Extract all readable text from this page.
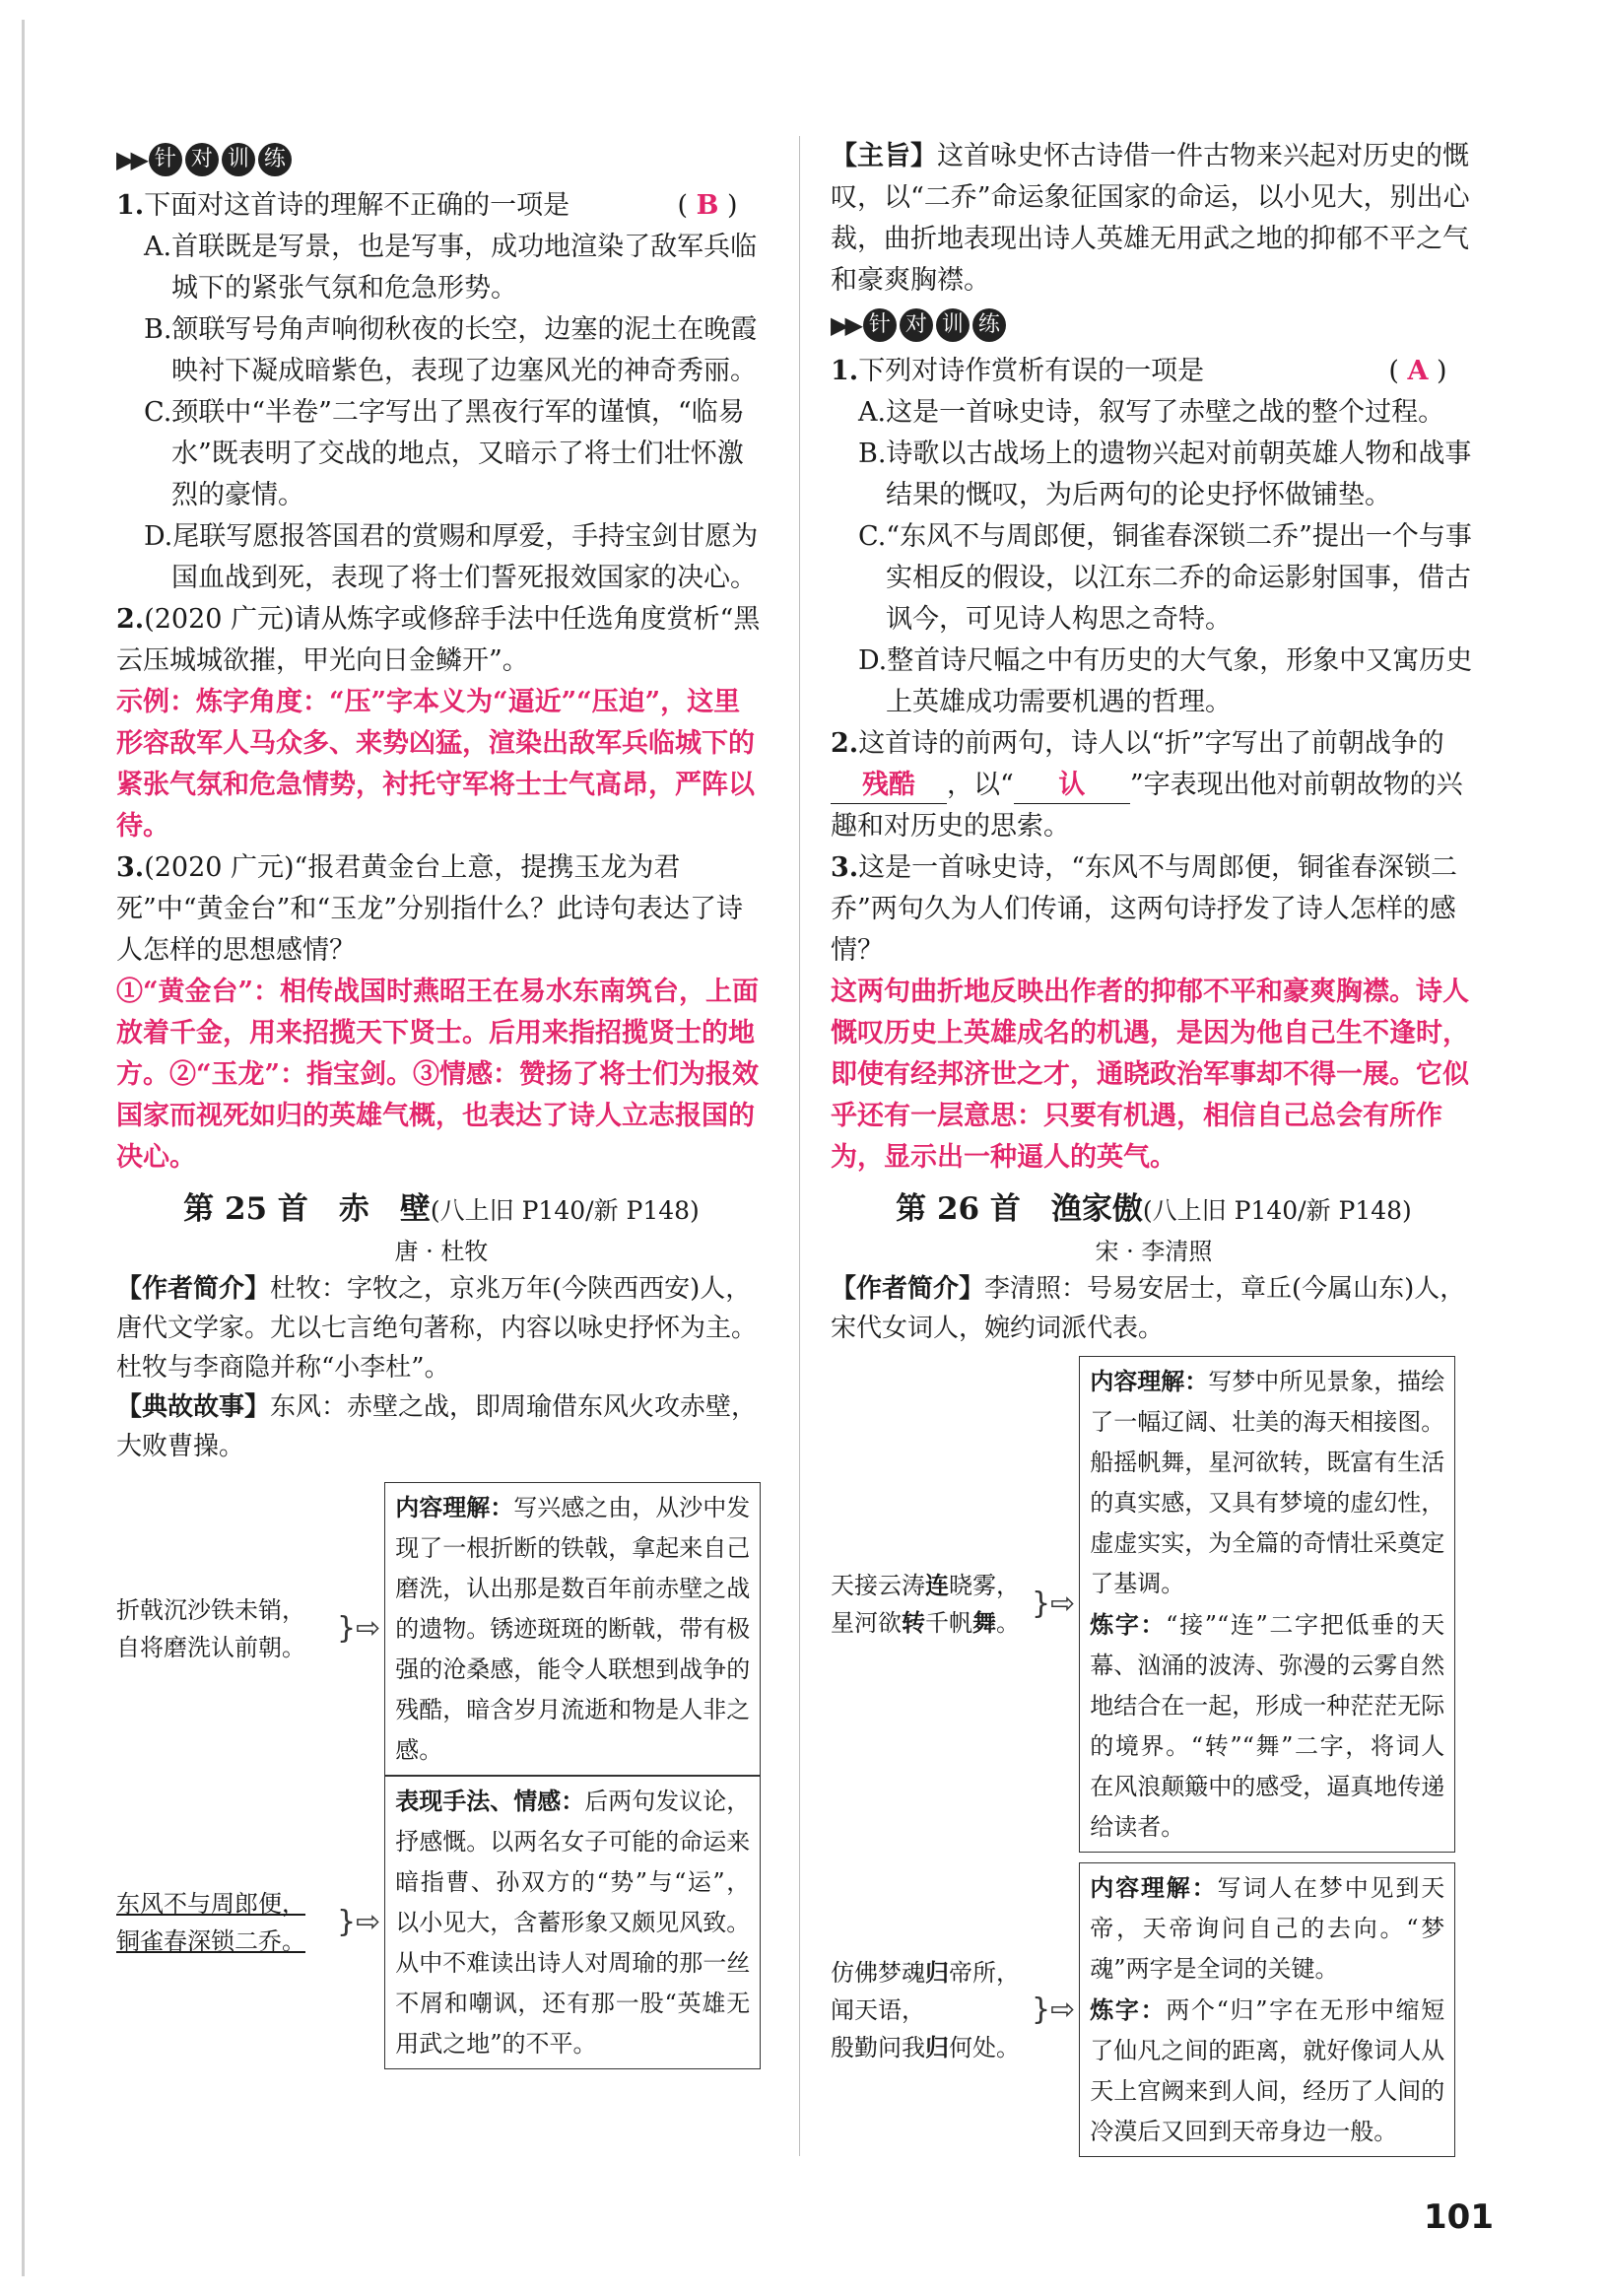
▶▶ 针 对 训 练
1.下面对这首诗的理解不正确的一项是	( B )
A.首联既是写景，也是写事，成功地渲染了敌军兵临城下的紧张气氛和危急形势。
B.颔联写号角声响彻秋夜的长空，边塞的泥土在晚霞映衬下凝成暗紫色，表现了边塞风光的神奇秀丽。
C.颈联中“半卷”二字写出了黑夜行军的谨慎，“临易水”既表明了交战的地点，又暗示了将士们壮怀激烈的豪情。
D.尾联写愿报答国君的赏赐和厚爱，手持宝剑甘愿为国血战到死，表现了将士们誓死报效国家的决心。
2.(2020 广元)请从炼字或修辞手法中任选角度赏析“黑云压城城欲摧，甲光向日金鳞开”。
示例：炼字角度：“压”字本义为“逼近”“压迫”，这里形容敌军人马众多、来势凶猛，渲染出敌军兵临城下的紧张气氛和危急情势，衬托守军将士士气高昂，严阵以待。
3.(2020 广元)“报君黄金台上意，提携玉龙为君死”中“黄金台”和“玉龙”分别指什么？此诗句表达了诗人怎样的思想感情？
①“黄金台”：相传战国时燕昭王在易水东南筑台，上面放着千金，用来招揽天下贤士。后用来指招揽贤士的地方。②“玉龙”：指宝剑。③情感：赞扬了将士们为报效国家而视死如归的英雄气概，也表达了诗人立志报国的决心。
第 25 首　赤　壁(八上旧 P140/新 P148)
唐 · 杜牧
【作者简介】杜牧：字牧之，京兆万年(今陕西西安)人，唐代文学家。尤以七言绝句著称，内容以咏史抒怀为主。杜牧与李商隐并称“小李杜”。
【典故故事】东风：赤壁之战，即周瑜借东风火攻赤壁，大败曹操。
折戟沉沙铁未销，
自将磨洗认前朝。
}⇨
内容理解：写兴感之由，从沙中发现了一根折断的铁戟，拿起来自己磨洗，认出那是数百年前赤壁之战的遗物。锈迹斑斑的断戟，带有极强的沧桑感，能令人联想到战争的残酷，暗含岁月流逝和物是人非之感。
东风不与周郎便，
铜雀春深锁二乔。
}⇨
表现手法、情感：后两句发议论，抒感慨。以两名女子可能的命运来暗指曹、孙双方的“势”与“运”，以小见大，含蓄形象又颇见风致。从中不难读出诗人对周瑜的那一丝不屑和嘲讽，还有那一股“英雄无用武之地”的不平。
【主旨】这首咏史怀古诗借一件古物来兴起对历史的慨叹，以“二乔”命运象征国家的命运，以小见大，别出心裁，曲折地表现出诗人英雄无用武之地的抑郁不平之气和豪爽胸襟。
▶▶ 针 对 训 练
1.下列对诗作赏析有误的一项是	( A )
A.这是一首咏史诗，叙写了赤壁之战的整个过程。
B.诗歌以古战场上的遗物兴起对前朝英雄人物和战事结果的慨叹，为后两句的论史抒怀做铺垫。
C.“东风不与周郎便，铜雀春深锁二乔”提出一个与事实相反的假设，以江东二乔的命运影射国事，借古讽今，可见诗人构思之奇特。
D.整首诗尺幅之中有历史的大气象，形象中又寓历史上英雄成功需要机遇的哲理。
2.这首诗的前两句，诗人以“折”字写出了前朝战争的残酷 ，以“ 认 ”字表现出他对前朝故物的兴趣和对历史的思索。
3.这是一首咏史诗，“东风不与周郎便，铜雀春深锁二乔”两句久为人们传诵，这两句诗抒发了诗人怎样的感情？
这两句曲折地反映出作者的抑郁不平和豪爽胸襟。诗人慨叹历史上英雄成名的机遇，是因为他自己生不逢时，即使有经邦济世之才，通晓政治军事却不得一展。它似乎还有一层意思：只要有机遇，相信自己总会有所作为，显示出一种逼人的英气。
第 26 首　渔家傲(八上旧 P140/新 P148)
宋 · 李清照
【作者简介】李清照：号易安居士，章丘(今属山东)人，宋代女词人，婉约词派代表。
天接云涛连晓雾，
星河欲转千帆舞。
}⇨
内容理解：写梦中所见景象，描绘了一幅辽阔、壮美的海天相接图。船摇帆舞，星河欲转，既富有生活的真实感，又具有梦境的虚幻性，虚虚实实，为全篇的奇情壮采奠定了基调。
炼字：“接”“连”二字把低垂的天幕、汹涌的波涛、弥漫的云雾自然地结合在一起，形成一种茫茫无际的境界。“转”“舞”二字，将词人在风浪颠簸中的感受，逼真地传递给读者。
仿佛梦魂归帝所，
闻天语，
殷勤问我归何处。
}⇨
内容理解：写词人在梦中见到天帝，天帝询问自己的去向。“梦魂”两字是全词的关键。
炼字：两个“归”字在无形中缩短了仙凡之间的距离，就好像词人从天上宫阙来到人间，经历了人间的冷漠后又回到天帝身边一般。
101
